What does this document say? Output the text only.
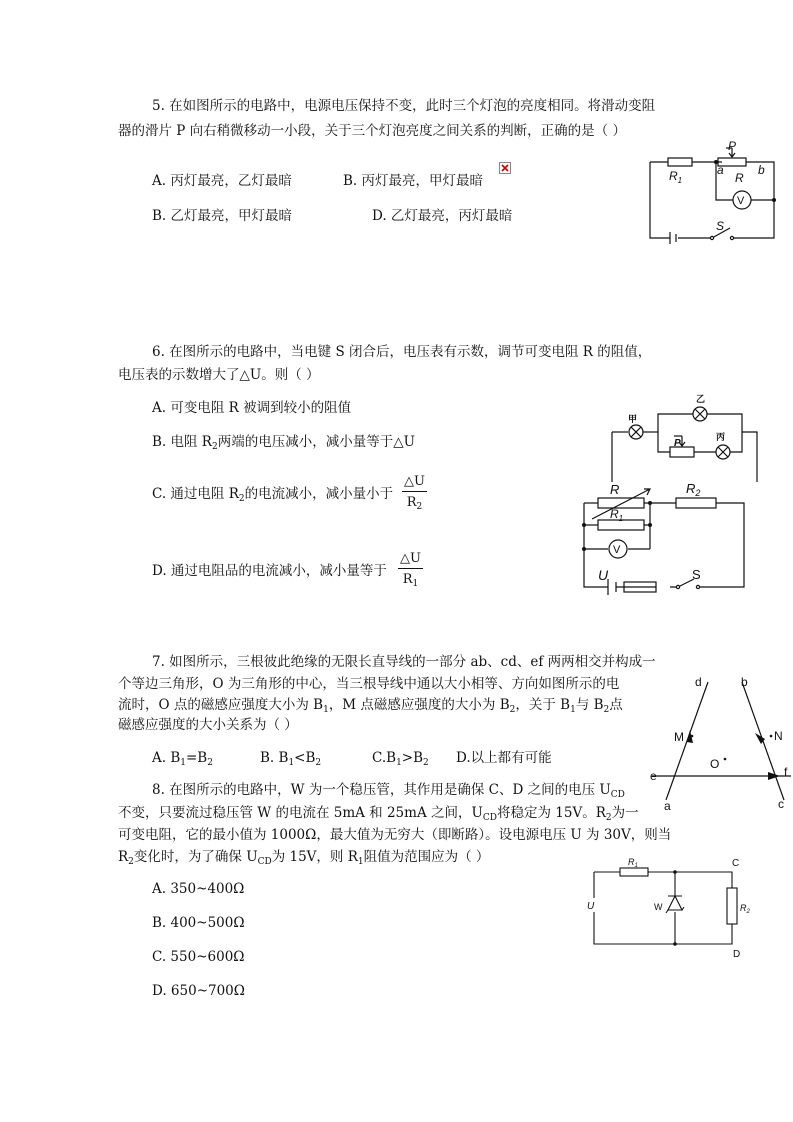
5. 在如图所示的电路中，电源电压保持不变，此时三个灯泡的亮度相同。将滑动变阻
器的滑片 P 向右稍微移动一小段，关于三个灯泡亮度之间关系的判断，正确的是（ ）
A. 丙灯最亮，乙灯最暗	B. 丙灯最亮，甲灯最暗
B. 乙灯最亮，甲灯最暗	D. 乙灯最亮，丙灯最暗
$R_1$
P
a	b
R
V
S
6. 在图所示的电路中，当电键 S 闭合后，电压表有示数，调节可变电阻 R 的阻值，
电压表的示数增大了△U。则（ ）
A. 可变电阻 R 被调到较小的阻值
B. 电阻 $R_2$两端的电压减小，减小量等于△U
C. 通过电阻 $R_2$的电流减小，减小量小于 $\frac{\triangle U}{R_2}$
D. 通过电阻品的电流减小，减小量等于 $\frac{\triangle U}{R_1}$
甲
乙
丙
P
R
$R_1$
$R_2$
V
U	S
7. 如图所示，三根彼此绝缘的无限长直导线的一部分 ab、cd、ef 两两相交并构成一
个等边三角形，O 为三角形的中心，当三根导线中通以大小相等、方向如图所示的电
流时，O 点的磁感应强度大小为 $B_1$，M 点磁感应强度的大小为 $B_2$，关于 $B_1$与 $B_2$点
磁感应强度的大小关系为（ ）
A. $B_1=B_2$	B. $B_1<B_2$	$C.B_1>B_2$ D.以上都有可能
d	b
M	N
O
e	f
a	c
8. 在图所示的电路中，W 为一个稳压管，其作用是确保 C、D 之间的电压 $U_{CD}$
不变，只要流过稳压管 W 的电流在 5mA 和 25mA 之间，$U_{CD}$将稳定为 15V。$R_2$为一
可变电阻，它的最小值为 1000Ω，最大值为无穷大（即断路）。设电源电压 U 为 30V，则当
$R_2$变化时，为了确保 $U_{CD}$为 15V，则 $R_1$阻值为范围应为（ ）
A. 350~400Ω
B. 400~500Ω
C. 550~600Ω
D. 650~700Ω
$R_1$
$R_2$
C
D
U	W
